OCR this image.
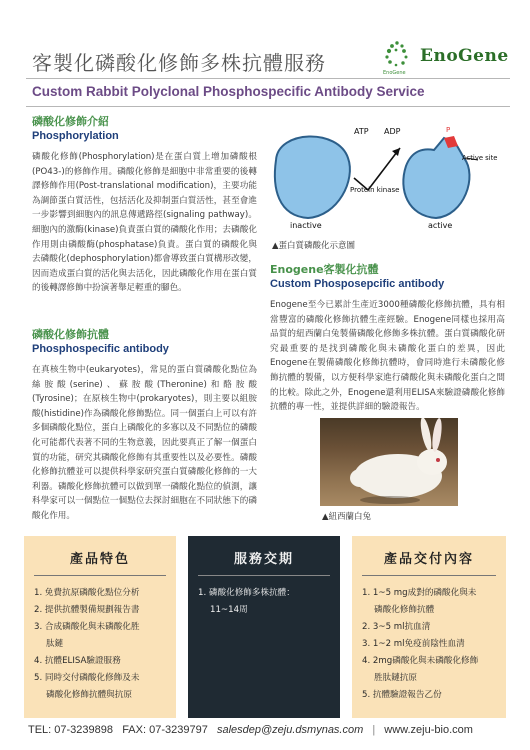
客製化磷酸化修飾多株抗體服務	EnoGene
EnoGene
Custom Rabbit Polyclonal Phosphospecific Antibody Service
磷酸化修飾介紹
Phosphorylation

磷酸化修飾(Phosphorylation)是在蛋白質上增加磷酸根(PO43-)的修飾作用。磷酸化修飾是細胞中非常重要的後轉譯修飾作用(Post-translational modification)，主要功能為調節蛋白質活性，包括活化及抑制蛋白質活性，甚至會進一步影響到細胞內的訊息傳遞路徑(signaling pathway)。細胞內的激酶(kinase)負責蛋白質的磷酸化作用；去磷酸化作用則由磷酸酶(phosphatase)負責。蛋白質的磷酸化與去磷酸化(dephosphorylation)都會導致蛋白質構形改變，因而造成蛋白質的活化與去活化，因此磷酸化作用在蛋白質的後轉譯修飾中扮演著舉足輕重的腳色。

磷酸化修飾抗體
Phosphospecific antibody

在真核生物中(eukaryotes)，常見的蛋白質磷酸化點位為絲胺酸(serine)、蘇胺酸(Theronine)和酪胺酸(Tyrosine)；在原核生物中(prokaryotes)，則主要以組胺酸(histidine)作為磷酸化修飾點位。同一個蛋白上可以有許多個磷酸化點位，蛋白上磷酸化的多寡以及不同點位的磷酸化可能都代表著不同的生物意義，因此要真正了解一個蛋白質的功能，研究其磷酸化修飾有其重要性以及必要性。磷酸化修飾抗體並可以提供科學家研究蛋白質磷酸化修飾的一大利器。磷酸化修飾抗體可以做到單一磷酸化點位的偵測，讓科學家可以一個點位一個點位去探討細胞在不同狀態下的磷酸化作用。

ATP ADP	P
Active site
Protein kinase
inactive	active
▲蛋白質磷酸化示意圖
Enogene客製化抗體
Custom Phosposepcific antibody

Enogene至今已累計生產近3000種磷酸化修飾抗體，具有相當豐富的磷酸化修飾抗體生產經驗。Enogene同樣也採用高品質的紐西蘭白兔製備磷酸化修飾多株抗體。蛋白質磷酸化研究最重要的是找到磷酸化與未磷酸化蛋白的差異，因此Enogene在製備磷酸化修飾抗體時，會同時進行未磷酸化修飾抗體的製備，以方便科學家進行磷酸化與未磷酸化蛋白之間的比較。除此之外，Enogene還利用ELISA來驗證磷酸化修飾抗體的專一性，並提供詳細的驗證報告。

▲紐西蘭白兔
產品特色
1. 免費抗原磷酸化點位分析
2. 提供抗體製備規劃報告書
3. 合成磷酸化與未磷酸化胜
肽鏈
4. 抗體ELISA驗證服務
5. 同時交付磷酸化修飾及未
磷酸化修飾抗體與抗原
服務交期
1. 磷酸化修飾多株抗體：
11~14周
產品交付內容
1. 1~5 mg成對的磷酸化與未
磷酸化修飾抗體
2. 3~5 ml抗血清
3. 1~2 ml免疫前陰性血清
4. 2mg磷酸化與未磷酸化修飾
胜肽鏈抗原
5. 抗體驗證報告乙份
TEL: 07-3239898 FAX: 07-3239797 salesdep@zeju.dsmynas.com | www.zeju-bio.com
